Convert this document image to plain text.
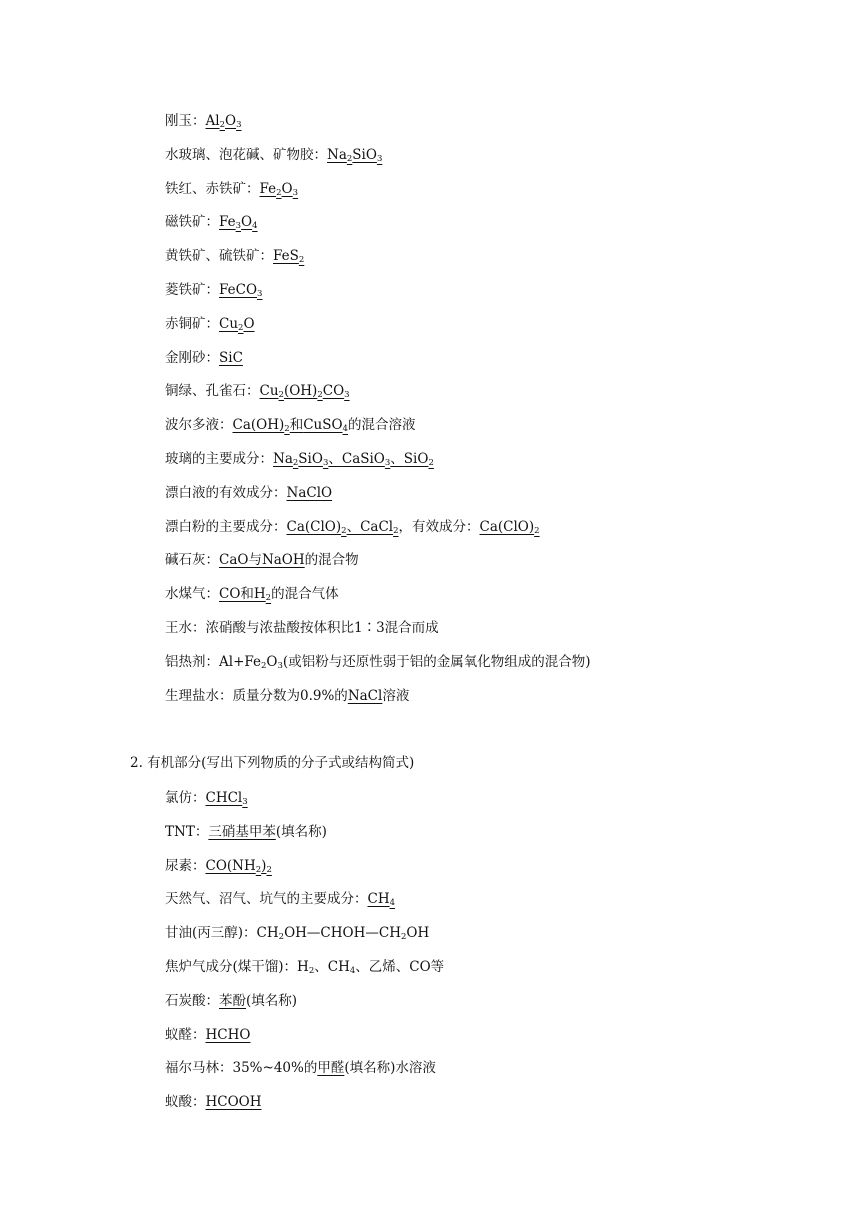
刚玉：$Al_2O_3$
水玻璃、泡花碱、矿物胶：$Na_2SiO_3$
铁红、赤铁矿：$Fe_2O_3$
磁铁矿：$Fe_3O_4$
黄铁矿、硫铁矿：FeS$_2$
菱铁矿：FeCO$_3$
赤铜矿：$Cu_2O$
金刚砂：SiC
铜绿、孔雀石：$Cu_2(OH)_2CO_3$
波尔多液：$Ca(OH)_2$和CuSO$_4$的混合溶液
玻璃的主要成分：$Na_2SiO_3$、CaSiO$_3$、SiO$_2$
漂白液的有效成分：NaClO
漂白粉的主要成分：$Ca(ClO)_2$、CaCl$_2$，有效成分：$Ca(ClO)_2$
碱石灰：CaO与NaOH的混合物
水煤气：CO和$H_2$的混合气体
王水：浓硝酸与浓盐酸按体积比1∶3混合而成
铝热剂：$Al+Fe_2O_3$(或铝粉与还原性弱于铝的金属氧化物组成的混合物)
生理盐水：质量分数为0.9%的NaCl溶液
2. 有机部分(写出下列物质的分子式或结构简式)
氯仿：CHCl$_3$
TNT：三硝基甲苯(填名称)
尿素：$CO(NH_2)_2$
天然气、沼气、坑气的主要成分：$CH_4$
甘油(丙三醇)：$CH_2OH—CHOH—CH_2OH$
焦炉气成分(煤干馏)：$H_2$、$CH_4$、乙烯、CO等
石炭酸：苯酚(填名称)
蚁醛：HCHO
福尔马林：35%~40%的甲醛(填名称)水溶液
蚁酸：HCOOH
